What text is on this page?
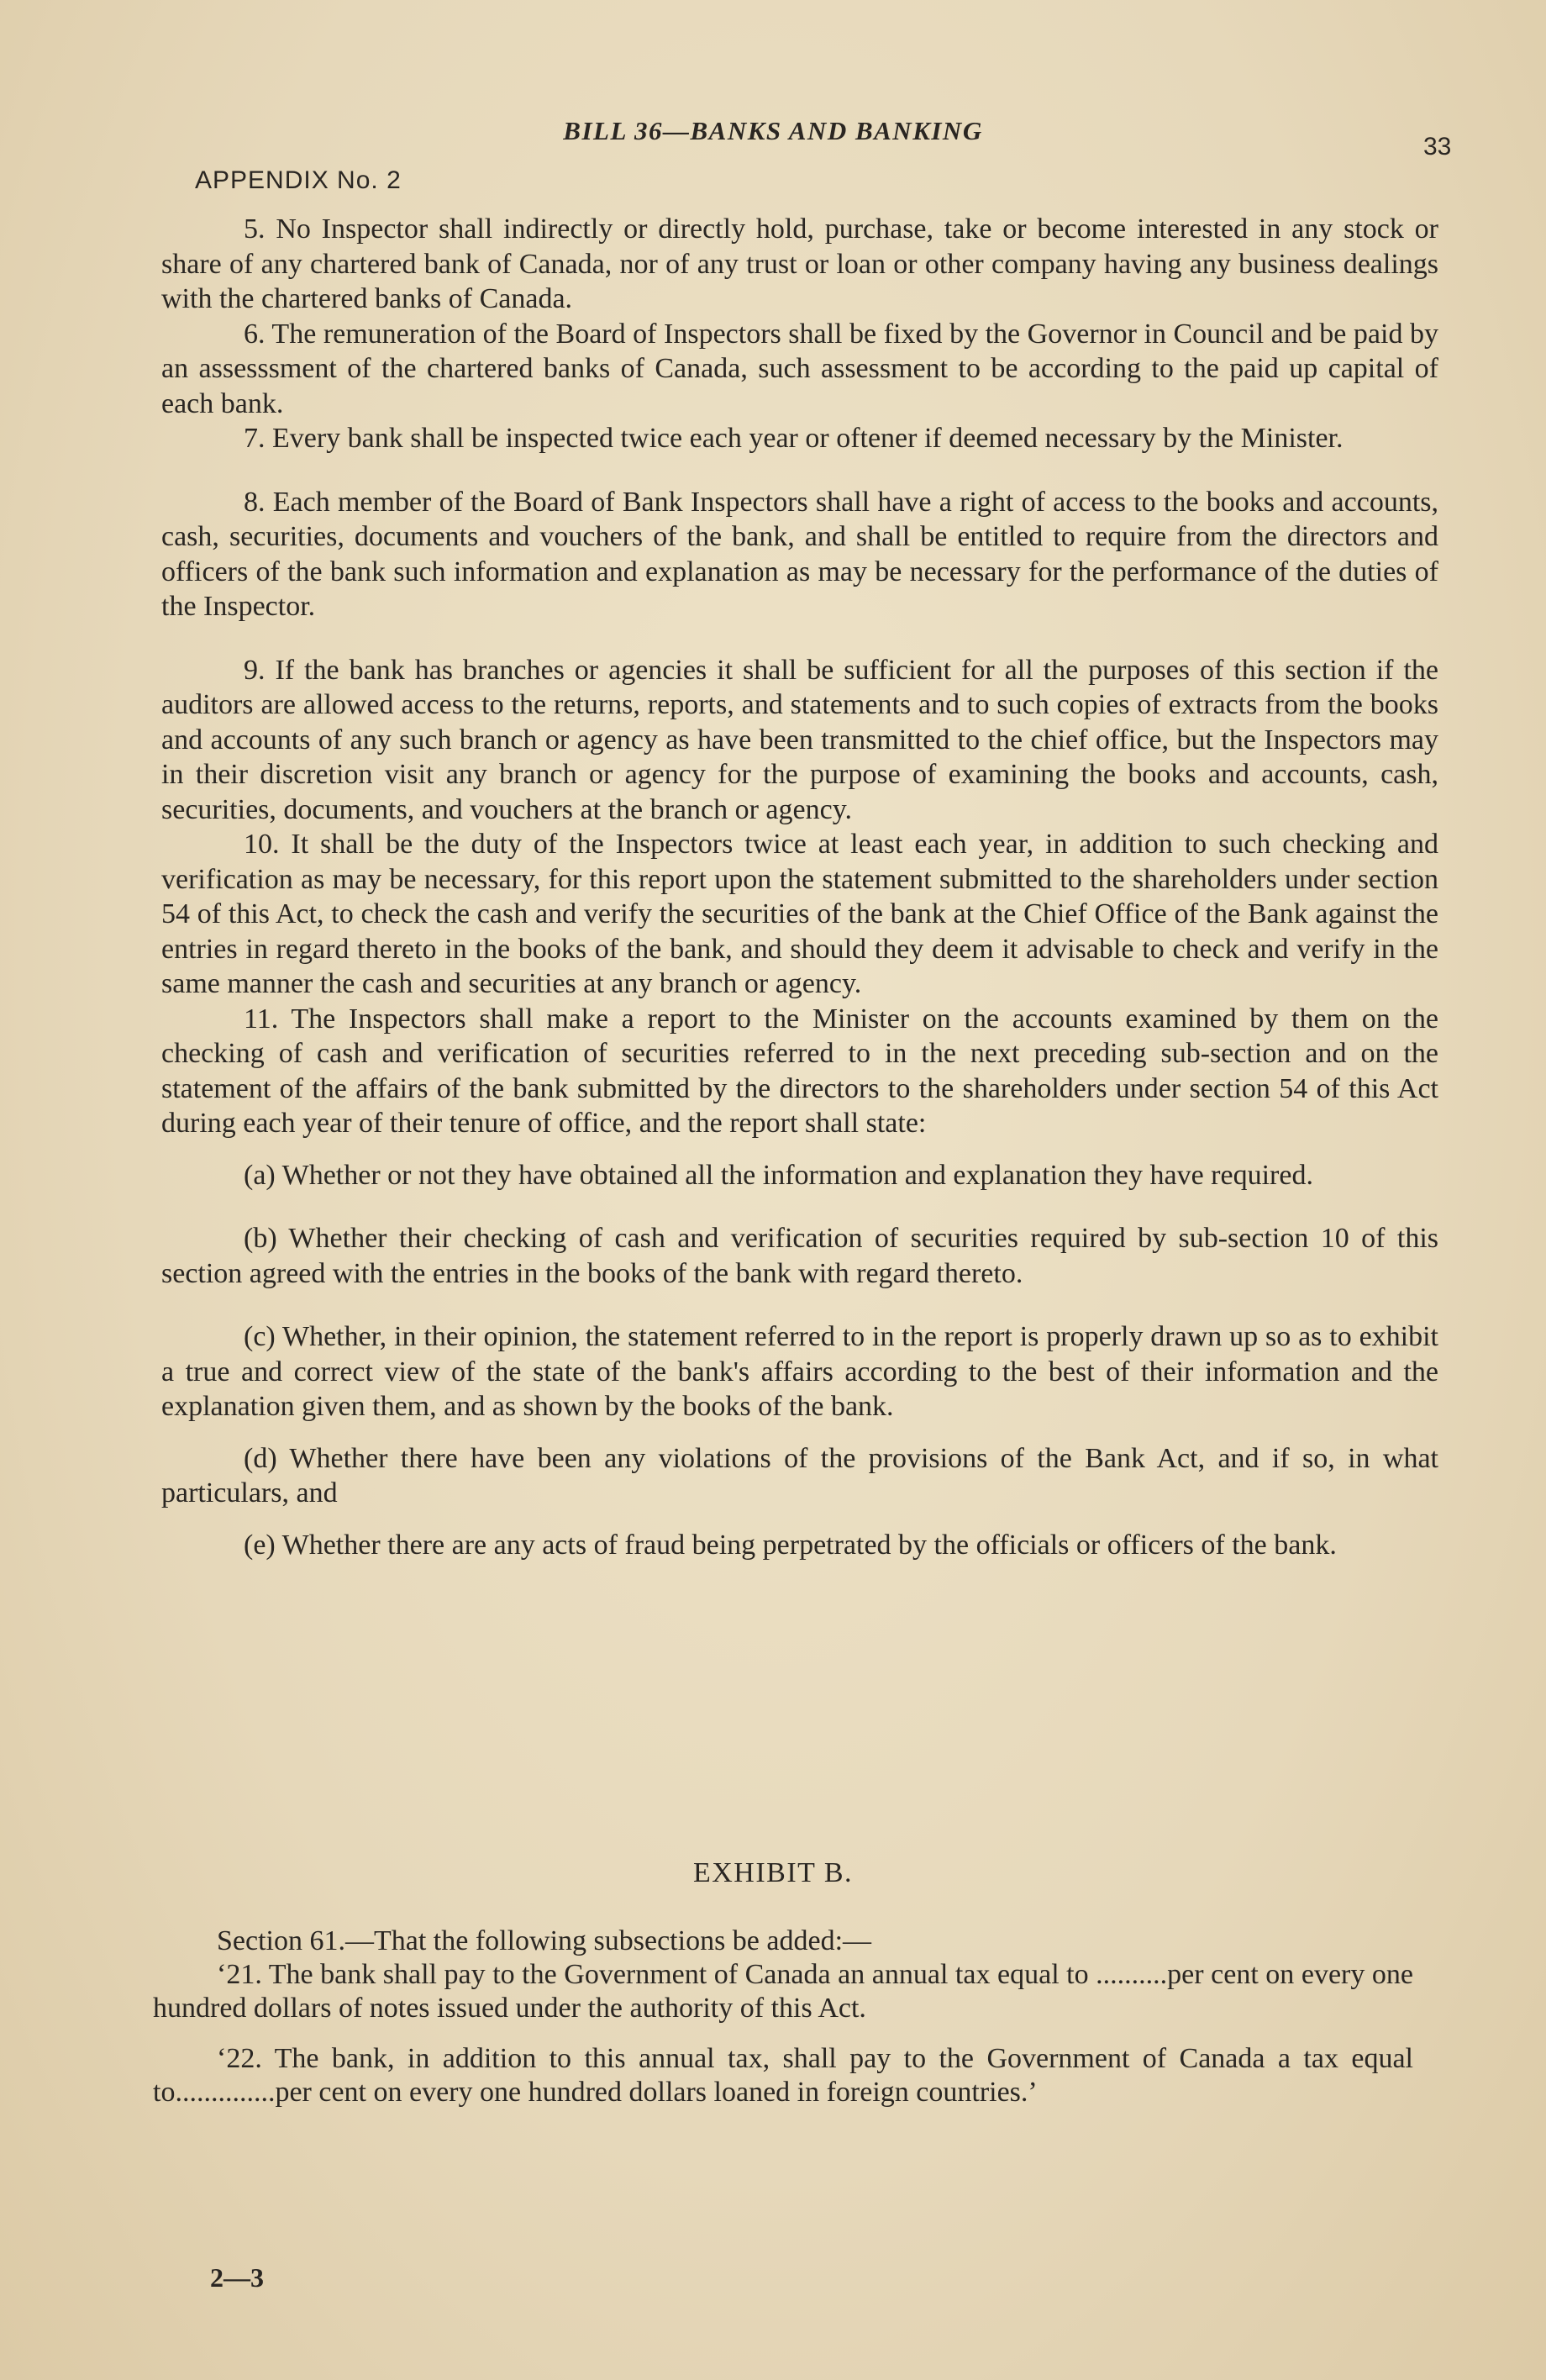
BILL 36—BANKS AND BANKING
33
APPENDIX No. 2

5. No Inspector shall indirectly or directly hold, purchase, take or become interested in any stock or share of any chartered bank of Canada, nor of any trust or loan or other company having any business dealings with the chartered banks of Canada.

6. The remuneration of the Board of Inspectors shall be fixed by the Governor in Council and be paid by an assesssment of the chartered banks of Canada, such assessment to be according to the paid up capital of each bank.

7. Every bank shall be inspected twice each year or oftener if deemed necessary by the Minister.

8. Each member of the Board of Bank Inspectors shall have a right of access to the books and accounts, cash, securities, documents and vouchers of the bank, and shall be entitled to require from the directors and officers of the bank such information and explanation as may be necessary for the performance of the duties of the Inspector.

9. If the bank has branches or agencies it shall be sufficient for all the purposes of this section if the auditors are allowed access to the returns, reports, and statements and to such copies of extracts from the books and accounts of any such branch or agency as have been transmitted to the chief office, but the Inspectors may in their discretion visit any branch or agency for the purpose of examining the books and accounts, cash, securities, documents, and vouchers at the branch or agency.

10. It shall be the duty of the Inspectors twice at least each year, in addition to such checking and verification as may be necessary, for this report upon the statement submitted to the shareholders under section 54 of this Act, to check the cash and verify the securities of the bank at the Chief Office of the Bank against the entries in regard thereto in the books of the bank, and should they deem it advisable to check and verify in the same manner the cash and securities at any branch or agency.

11. The Inspectors shall make a report to the Minister on the accounts examined by them on the checking of cash and verification of securities referred to in the next preceding sub-section and on the statement of the affairs of the bank submitted by the directors to the shareholders under section 54 of this Act during each year of their tenure of office, and the report shall state:

(a) Whether or not they have obtained all the information and explanation they have required.

(b) Whether their checking of cash and verification of securities required by sub-section 10 of this section agreed with the entries in the books of the bank with regard thereto.

(c) Whether, in their opinion, the statement referred to in the report is properly drawn up so as to exhibit a true and correct view of the state of the bank's affairs according to the best of their information and the explanation given them, and as shown by the books of the bank.

(d) Whether there have been any violations of the provisions of the Bank Act, and if so, in what particulars, and

(e) Whether there are any acts of fraud being perpetrated by the officials or officers of the bank.

EXHIBIT B.

Section 61.—That the following subsections be added:—

‘21. The bank shall pay to the Government of Canada an annual tax equal to ..........per cent on every one hundred dollars of notes issued under the authority of this Act.

‘22. The bank, in addition to this annual tax, shall pay to the Government of Canada a tax equal to..............per cent on every one hundred dollars loaned in foreign countries.’

2—3
